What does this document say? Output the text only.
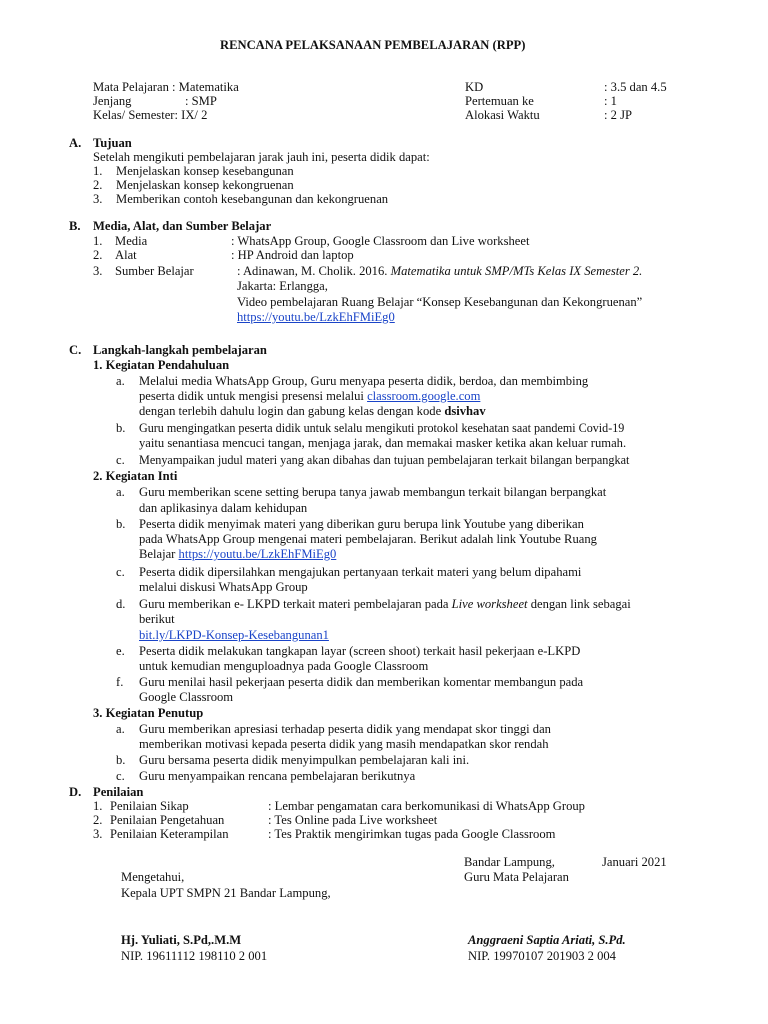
RENCANA PELAKSANAAN PEMBELAJARAN (RPP)
Mata Pelajaran : Matematika
Jenjang	: SMP
Kelas/ Semester: IX/ 2
KD	: 3.5 dan 4.5
Pertemuan ke	: 1
Alokasi Waktu	: 2 JP
A. Tujuan
Setelah mengikuti pembelajaran jarak jauh ini, peserta didik dapat:
1. Menjelaskan konsep kesebangunan
2. Menjelaskan konsep kekongruenan
3. Memberikan contoh kesebangunan dan kekongruenan
B. Media, Alat, dan Sumber Belajar
1. Media	: WhatsApp Group, Google Classroom dan Live worksheet
2. Alat	: HP Android dan laptop
3. Sumber Belajar	: Adinawan, M. Cholik. 2016. Matematika untuk SMP/MTs Kelas IX Semester 2.
Jakarta: Erlangga,
Video pembelajaran Ruang Belajar “Konsep Kesebangunan dan Kekongruenan”
https://youtu.be/LzkEhFMiEg0
C. Langkah-langkah pembelajaran
1. Kegiatan Pendahuluan
a. Melalui media WhatsApp Group, Guru menyapa peserta didik, berdoa, dan membimbing
peserta didik untuk mengisi presensi melalui classroom.google.com
dengan terlebih dahulu login dan gabung kelas dengan kode dsivhav
b. Guru mengingatkan peserta didik untuk selalu mengikuti protokol kesehatan saat pandemi Covid-19
yaitu senantiasa mencuci tangan, menjaga jarak, dan memakai masker ketika akan keluar rumah.
c. Menyampaikan judul materi yang akan dibahas dan tujuan pembelajaran terkait bilangan berpangkat
2. Kegiatan Inti
a. Guru memberikan scene setting berupa tanya jawab membangun terkait bilangan berpangkat
dan aplikasinya dalam kehidupan
b. Peserta didik menyimak materi yang diberikan guru berupa link Youtube yang diberikan
pada WhatsApp Group mengenai materi pembelajaran. Berikut adalah link Youtube Ruang
Belajar https://youtu.be/LzkEhFMiEg0
c. Peserta didik dipersilahkan mengajukan pertanyaan terkait materi yang belum dipahami
melalui diskusi WhatsApp Group
d. Guru memberikan e- LKPD terkait materi pembelajaran pada Live worksheet dengan link sebagai
berikut
bit.ly/LKPD-Konsep-Kesebangunan1
e. Peserta didik melakukan tangkapan layar (screen shoot) terkait hasil pekerjaan e-LKPD
untuk kemudian menguploadnya pada Google Classroom
f. Guru menilai hasil pekerjaan peserta didik dan memberikan komentar membangun pada
Google Classroom
3. Kegiatan Penutup
a. Guru memberikan apresiasi terhadap peserta didik yang mendapat skor tinggi dan
memberikan motivasi kepada peserta didik yang masih mendapatkan skor rendah
b. Guru bersama peserta didik menyimpulkan pembelajaran kali ini.
c. Guru menyampaikan rencana pembelajaran berikutnya
D. Penilaian
1. Penilaian Sikap	: Lembar pengamatan cara berkomunikasi di WhatsApp Group
2. Penilaian Pengetahuan	: Tes Online pada Live worksheet
3. Penilaian Keterampilan	: Tes Praktik mengirimkan tugas pada Google Classroom
Bandar Lampung,	Januari 2021
Mengetahui,	Guru Mata Pelajaran
Kepala UPT SMPN 21 Bandar Lampung,
Hj. Yuliati, S.Pd,.M.M
NIP. 19611112 198110 2 001
Anggraeni Saptia Ariati, S.Pd.
NIP. 19970107 201903 2 004
